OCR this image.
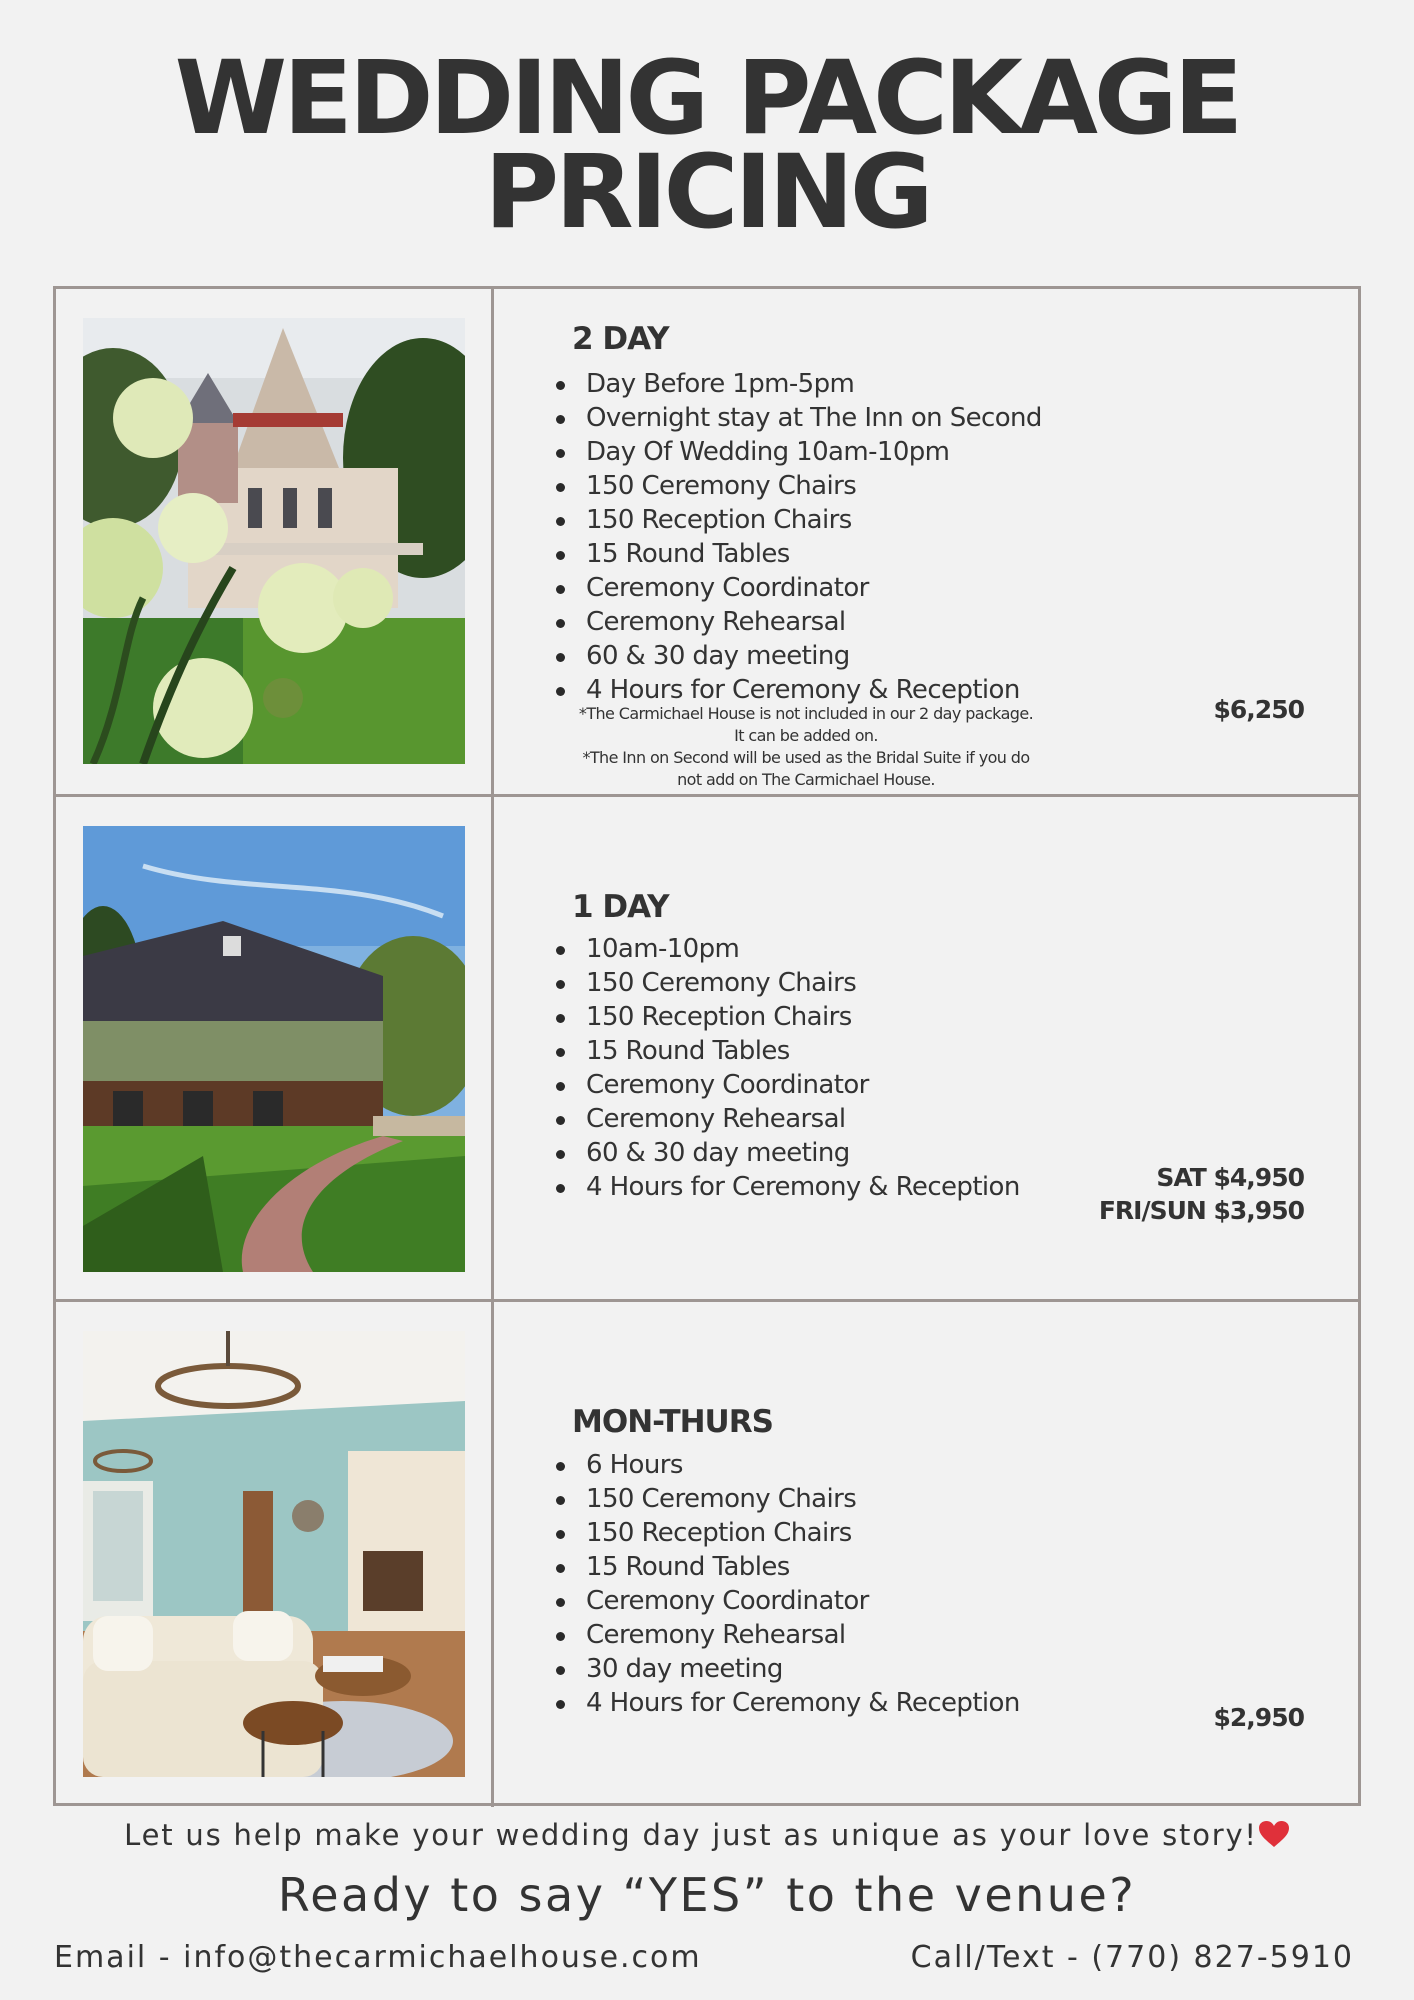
WEDDING PACKAGE
PRICING
2 DAY
Day Before 1pm-5pm
Overnight stay at The Inn on Second
Day Of Wedding 10am-10pm
150 Ceremony Chairs
150 Reception Chairs
15 Round Tables
Ceremony Coordinator
Ceremony Rehearsal
60 & 30 day meeting
4 Hours for Ceremony & Reception
*The Carmichael House is not included in our 2 day package.
It can be added on.
*The Inn on Second will be used as the Bridal Suite if you do
not add on The Carmichael House.
$6,250
1 DAY
10am-10pm
150 Ceremony Chairs
150 Reception Chairs
15 Round Tables
Ceremony Coordinator
Ceremony Rehearsal
60 & 30 day meeting
4 Hours for Ceremony & Reception	SAT $4,950
FRI/SUN $3,950
MON-THURS
6 Hours
150 Ceremony Chairs
150 Reception Chairs
15 Round Tables
Ceremony Coordinator
Ceremony Rehearsal
30 day meeting
4 Hours for Ceremony & Reception	$2,950
Let us help make your wedding day just as unique as your love story!
Ready to say “YES” to the venue?
Email - info@thecarmichaelhouse.com	Call/Text - (770) 827-5910
